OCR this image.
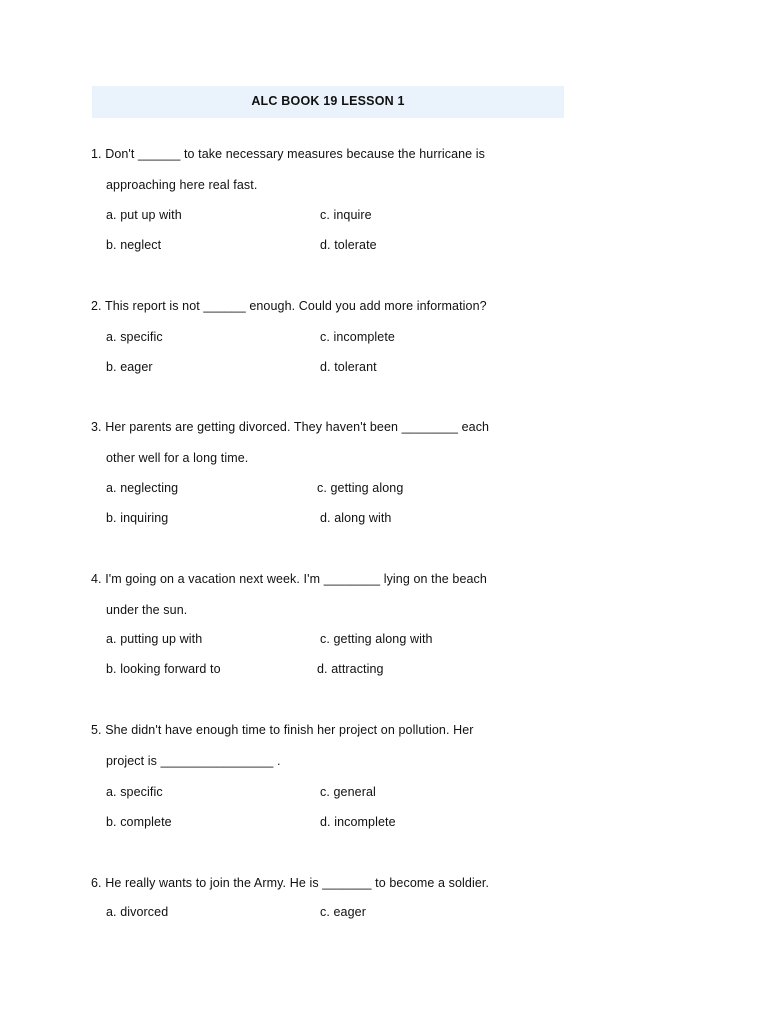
ALC BOOK 19 LESSON 1
1. Don't ______ to take necessary measures because the hurricane is
approaching here real fast.
a. put up with	c. inquire
b. neglect	d. tolerate
2. This report is not ______ enough. Could you add more information?
a. specific	c. incomplete
b. eager	d. tolerant
3. Her parents are getting divorced. They haven't been ________ each
other well for a long time.
a. neglecting	c. getting along
b. inquiring	d. along with
4. I'm going on a vacation next week. I'm ________ lying on the beach
under the sun.
a. putting up with	c. getting along with
b. looking forward to	d. attracting
5. She didn't have enough time to finish her project on pollution. Her
project is ________________ .
a. specific	c. general
b. complete	d. incomplete
6. He really wants to join the Army. He is _______ to become a soldier.
a. divorced	c. eager
